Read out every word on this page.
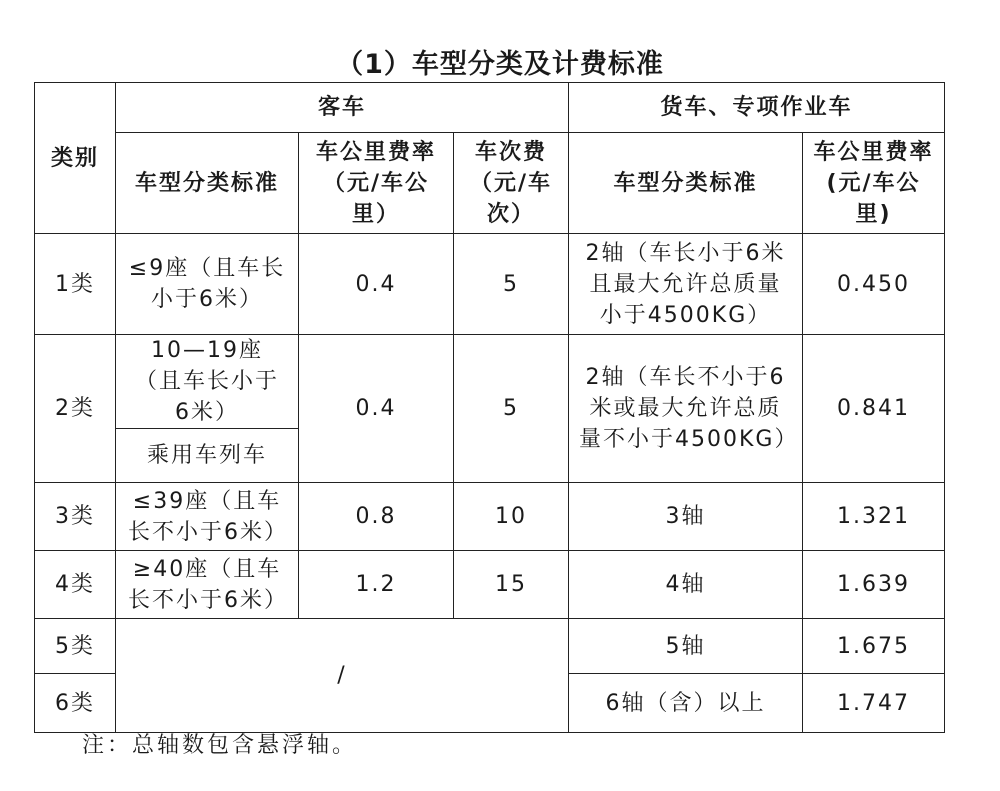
（1）车型分类及计费标准
类别	客车			货车、专项作业车	
	车型分类标准	车公里费率（元/车公里）	车次费（元/车次）	车型分类标准	车公里费率(元/车公里)
1类	≤9座（且车长小于6米）	0.4	5	2轴（车长小于6米且最大允许总质量小于4500KG）	0.450
2类	10—19座（且车长小于6米）	0.4	5	2轴（车长不小于6米或最大允许总质量不小于4500KG）	0.841
	乘用车列车				
3类	≤39座（且车长不小于6米）	0.8	10	3轴	1.321
4类	≥40座（且车长不小于6米）	1.2	15	4轴	1.639
5类	/			5轴	1.675
6类				6轴（含）以上	1.747
注：总轴数包含悬浮轴。
